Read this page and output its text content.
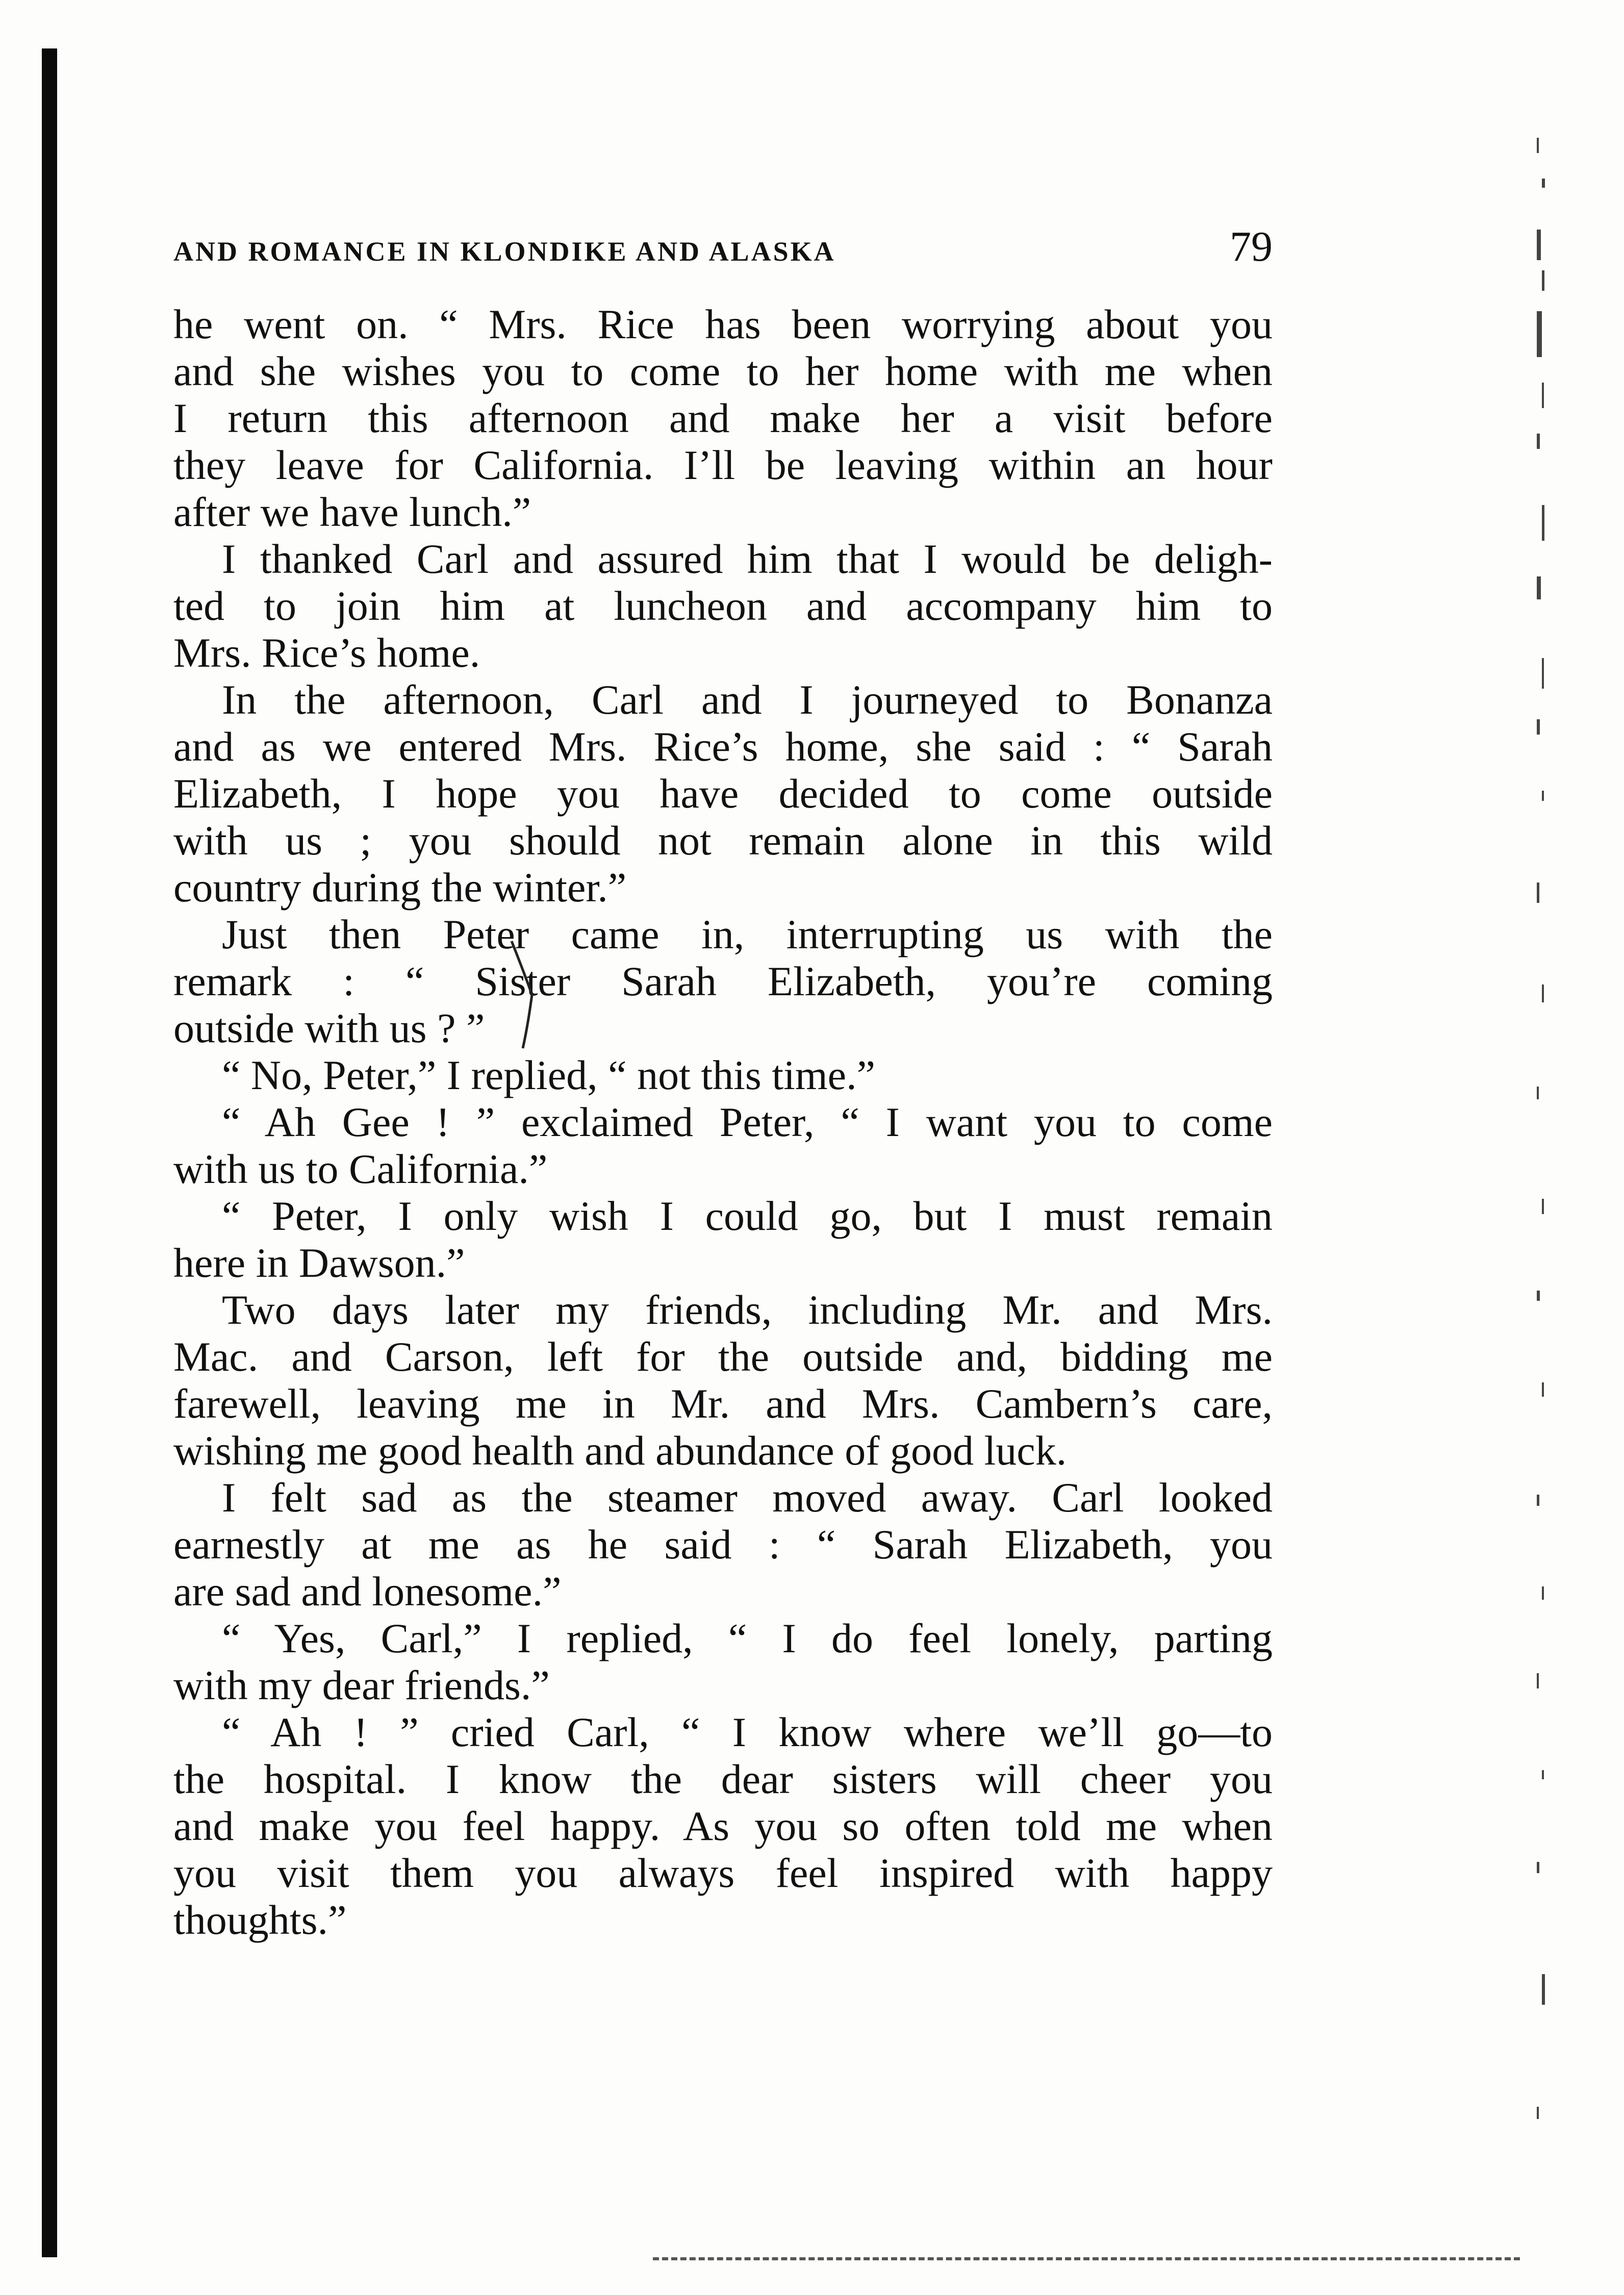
AND ROMANCE IN KLONDIKE AND ALASKA	79
he went on. “ Mrs. Rice has been worrying about you
and she wishes you to come to her home with me when
I return this afternoon and make her a visit before
they leave for California. I’ll be leaving within an hour
after we have lunch.”
I thanked Carl and assured him that I would be deligh-
ted to join him at luncheon and accompany him to
Mrs. Rice’s home.
In the afternoon, Carl and I journeyed to Bonanza
and as we entered Mrs. Rice’s home, she said : “ Sarah
Elizabeth, I hope you have decided to come outside
with us ; you should not remain alone in this wild
country during the winter.”
Just then Peter came in, interrupting us with the
remark : “ Sister Sarah Elizabeth, you’re coming
outside with us ? ”
“ No, Peter,” I replied, “ not this time.”
“ Ah Gee ! ” exclaimed Peter, “ I want you to come
with us to California.”
“ Peter, I only wish I could go, but I must remain
here in Dawson.”
Two days later my friends, including Mr. and Mrs.
Mac. and Carson, left for the outside and, bidding me
farewell, leaving me in Mr. and Mrs. Cambern’s care,
wishing me good health and abundance of good luck.
I felt sad as the steamer moved away. Carl looked
earnestly at me as he said : “ Sarah Elizabeth, you
are sad and lonesome.”
“ Yes, Carl,” I replied, “ I do feel lonely, parting
with my dear friends.”
“ Ah ! ” cried Carl, “ I know where we’ll go—to
the hospital. I know the dear sisters will cheer you
and make you feel happy. As you so often told me when
you visit them you always feel inspired with happy
thoughts.”
